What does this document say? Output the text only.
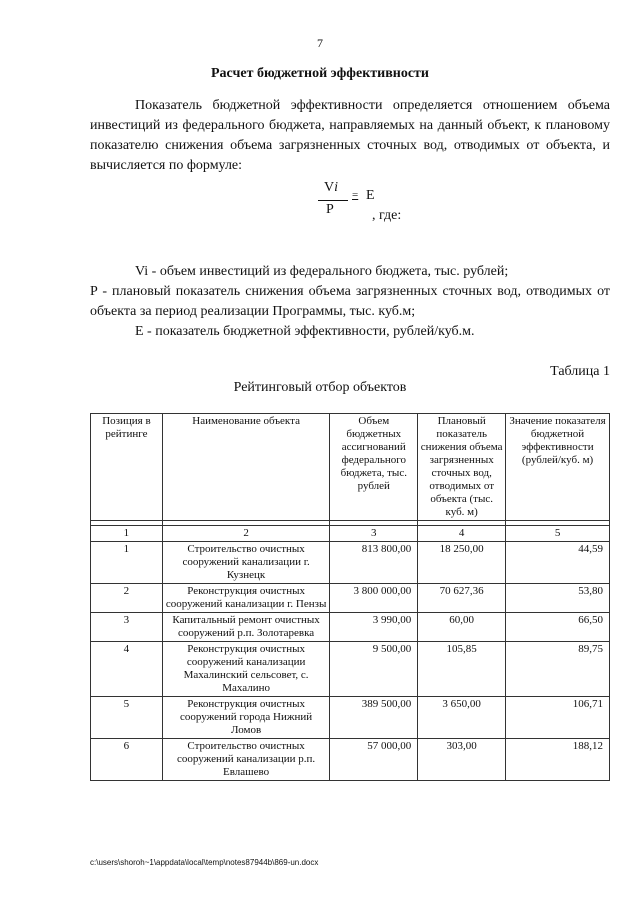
7
Расчет бюджетной эффективности
Показатель бюджетной эффективности определяется отношением объема инвестиций из федерального бюджета, направляемых на данный объект, к плановому показателю снижения объема загрязненных сточных вод, отводимых от объекта, и вычисляется по формуле:
Vi
P
= E
, где:
Vi - объем инвестиций из федерального бюджета, тыс. рублей;
P - плановый показатель снижения объема загрязненных сточных вод, отводимых от объекта за период реализации Программы, тыс. куб.м;
Е - показатель бюджетной эффективности, рублей/куб.м.
Таблица 1
Рейтинговый отбор объектов
Позиция в рейтинге	Наименование объекта	Объем бюджетных ассигнований федерального бюджета, тыс. рублей	Плановый показатель снижения объема загрязненных сточных вод, отводимых от объекта (тыс. куб. м)	Значение показателя бюджетной эффективности (рублей/куб. м)

1	2	3	4	5
1	Строительство очистных сооружений канализации г. Кузнецк	813 800,00	18 250,00	44,59
2	Реконструкция очистных сооружений канализации г. Пензы	3 800 000,00	70 627,36	53,80
3	Капитальный ремонт очистных сооружений р.п. Золотаревка	3 990,00	60,00	66,50
4	Реконструкция очистных сооружений канализации Махалинский сельсовет, с. Махалино	9 500,00	105,85	89,75
5	Реконструкция очистных сооружений города Нижний Ломов	389 500,00	3 650,00	106,71
6	Строительство очистных сооружений канализации р.п. Евлашево	57 000,00	303,00	188,12
c:\users\shoroh~1\appdata\local\temp\notes87944b\869-un.docx
